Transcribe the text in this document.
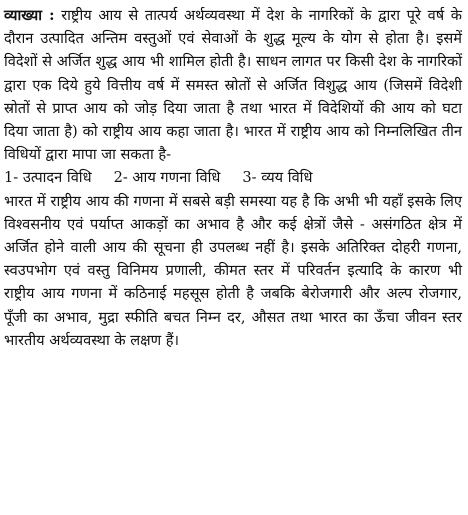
व्याख्या : राष्ट्रीय आय से तात्पर्य अर्थव्यवस्था में देश के नागरिकों के द्वारा पूरे वर्ष के दौरान उत्पादित अन्तिम वस्तुओं एवं सेवाओं के शुद्ध मूल्य के योग से होता है। इसमें विदेशों से अर्जित शुद्ध आय भी शामिल होती है। साधन लागत पर किसी देश के नागरिकों द्वारा एक दिये हुये वित्तीय वर्ष में समस्त स्रोतों से अर्जित विशुद्ध आय (जिसमें विदेशी स्रोतों से प्राप्त आय को जोड़ दिया जाता है तथा भारत में विदेशियों की आय को घटा दिया जाता है) को राष्ट्रीय आय कहा जाता है। भारत में राष्ट्रीय आय को निम्नलिखित तीन विधियों द्वारा मापा जा सकता है-

1- उत्पादन विधि 2- आय गणना विधि 3- व्यय विधि

भारत में राष्ट्रीय आय की गणना में सबसे बड़ी समस्या यह है कि अभी भी यहाँ इसके लिए विश्वसनीय एवं पर्याप्त आकड़ों का अभाव है और कई क्षेत्रों जैसे - असंगठित क्षेत्र में अर्जित होने वाली आय की सूचना ही उपलब्ध नहीं है। इसके अतिरिक्त दोहरी गणना, स्वउपभोग एवं वस्तु विनिमय प्रणाली, कीमत स्तर में परिवर्तन इत्यादि के कारण भी राष्ट्रीय आय गणना में कठिनाई महसूस होती है जबकि बेरोजगारी और अल्प रोजगार, पूँजी का अभाव, मुद्रा स्फीति बचत निम्न दर, औसत तथा भारत का ऊँचा जीवन स्तर भारतीय अर्थव्यवस्था के लक्षण हैं।
